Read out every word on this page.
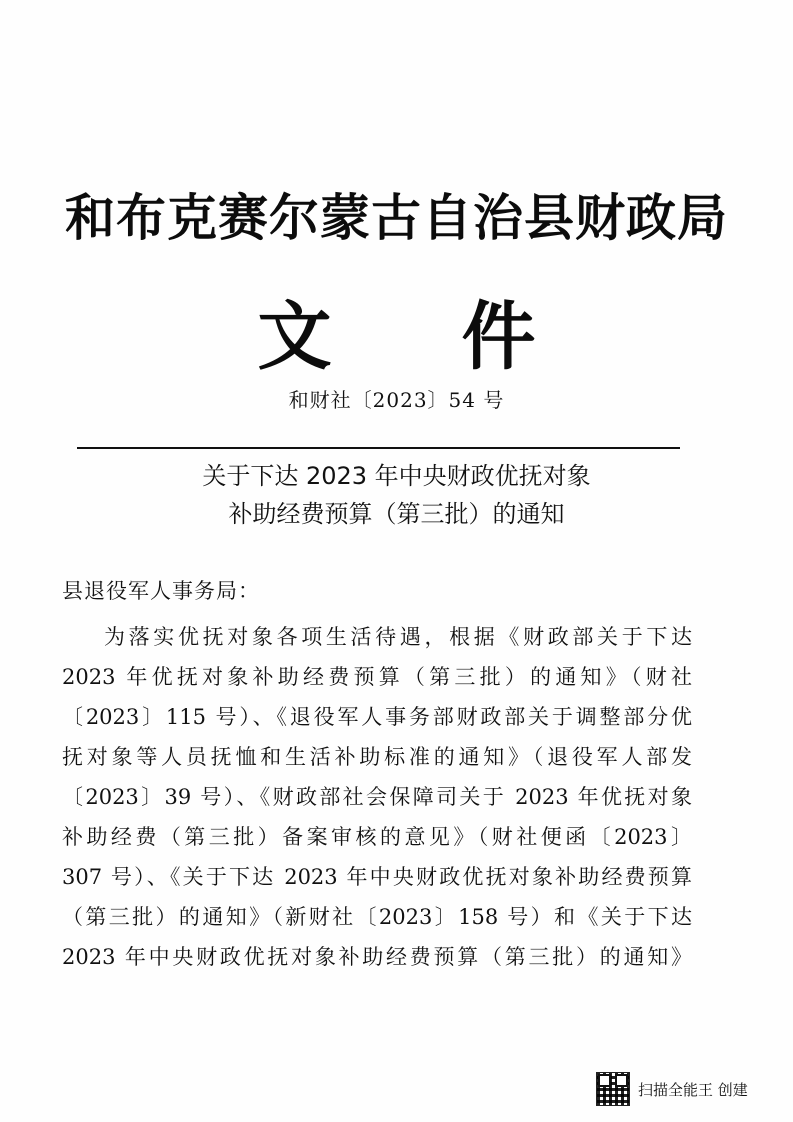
和布克赛尔蒙古自治县财政局
文件
和财社〔2023〕54 号
关于下达 2023 年中央财政优抚对象
补助经费预算（第三批）的通知
县退役军人事务局：
为落实优抚对象各项生活待遇，根据《财政部关于下达
2023 年优抚对象补助经费预算（第三批）的通知》（财社
〔2023〕115 号）、《退役军人事务部财政部关于调整部分优
抚对象等人员抚恤和生活补助标准的通知》（退役军人部发
〔2023〕39 号）、《财政部社会保障司关于 2023 年优抚对象
补助经费（第三批）备案审核的意见》（财社便函〔2023〕
307 号）、《关于下达 2023 年中央财政优抚对象补助经费预算
（第三批）的通知》（新财社〔2023〕158 号）和《关于下达
2023 年中央财政优抚对象补助经费预算（第三批）的通知》
扫描全能王 创建
